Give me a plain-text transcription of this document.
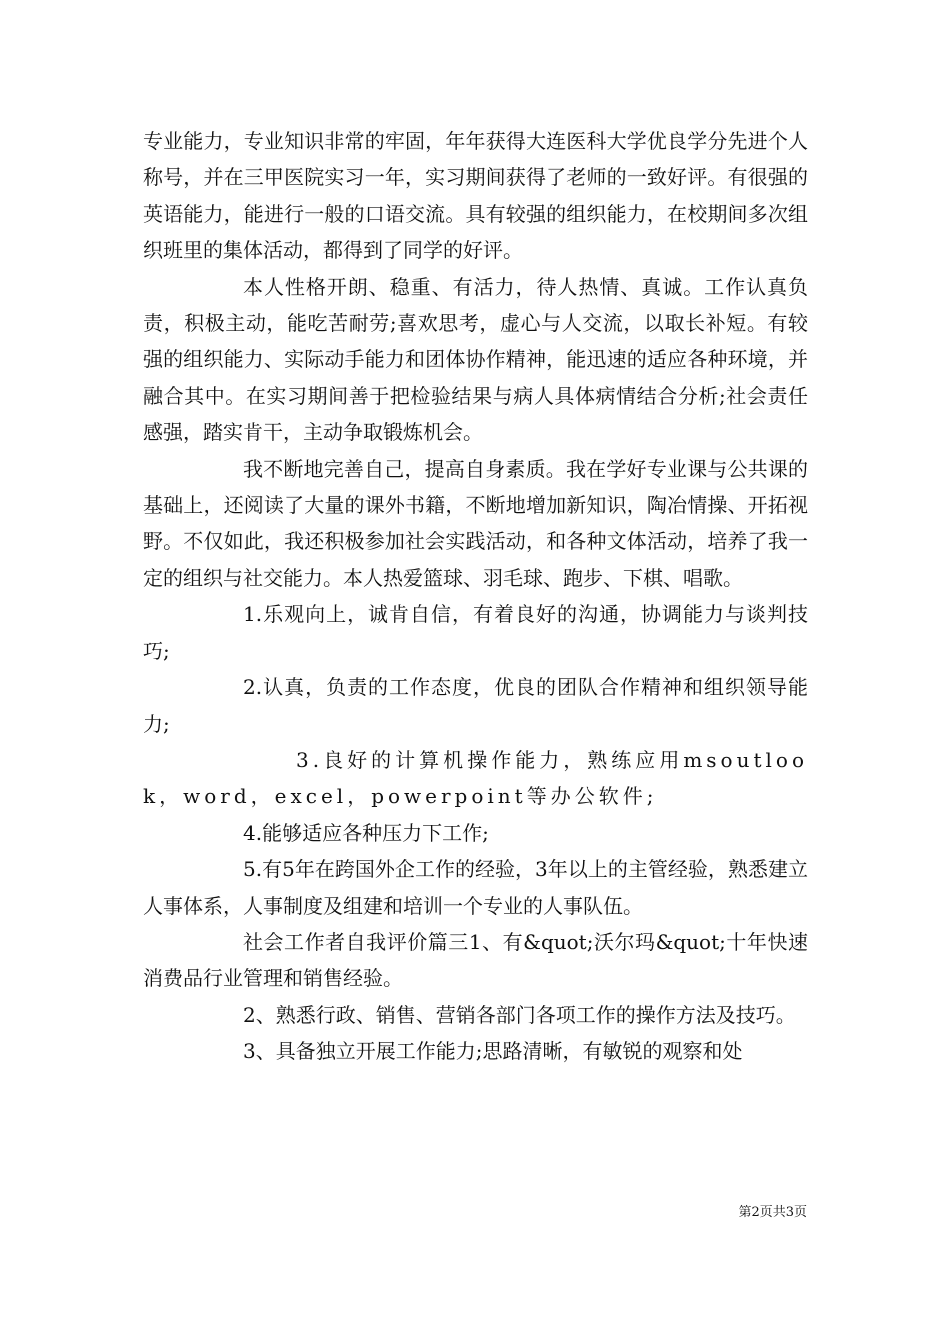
专业能力，专业知识非常的牢固，年年获得大连医科大学优良学分先进个人称号，并在三甲医院实习一年，实习期间获得了老师的一致好评。有很强的英语能力，能进行一般的口语交流。具有较强的组织能力，在校期间多次组织班里的集体活动，都得到了同学的好评。

本人性格开朗、稳重、有活力，待人热情、真诚。工作认真负责，积极主动，能吃苦耐劳;喜欢思考，虚心与人交流，以取长补短。有较强的组织能力、实际动手能力和团体协作精神，能迅速的适应各种环境，并融合其中。在实习期间善于把检验结果与病人具体病情结合分析;社会责任感强，踏实肯干，主动争取锻炼机会。

我不断地完善自己，提高自身素质。我在学好专业课与公共课的基础上，还阅读了大量的课外书籍，不断地增加新知识，陶冶情操、开拓视野。不仅如此，我还积极参加社会实践活动，和各种文体活动，培养了我一定的组织与社交能力。本人热爱篮球、羽毛球、跑步、下棋、唱歌。

1.乐观向上，诚肯自信，有着良好的沟通，协调能力与谈判技巧;

2.认真，负责的工作态度，优良的团队合作精神和组织领导能力;

3.良好的计算机操作能力，熟练应用msoutlook，word，excel，powerpoint等办公软件;

4.能够适应各种压力下工作;

5.有5年在跨国外企工作的经验，3年以上的主管经验，熟悉建立人事体系，人事制度及组建和培训一个专业的人事队伍。

社会工作者自我评价篇三1、有&quot;沃尔玛&quot;十年快速消费品行业管理和销售经验。

2、熟悉行政、销售、营销各部门各项工作的操作方法及技巧。

3、具备独立开展工作能力;思路清晰，有敏锐的观察和处

第2页共3页
